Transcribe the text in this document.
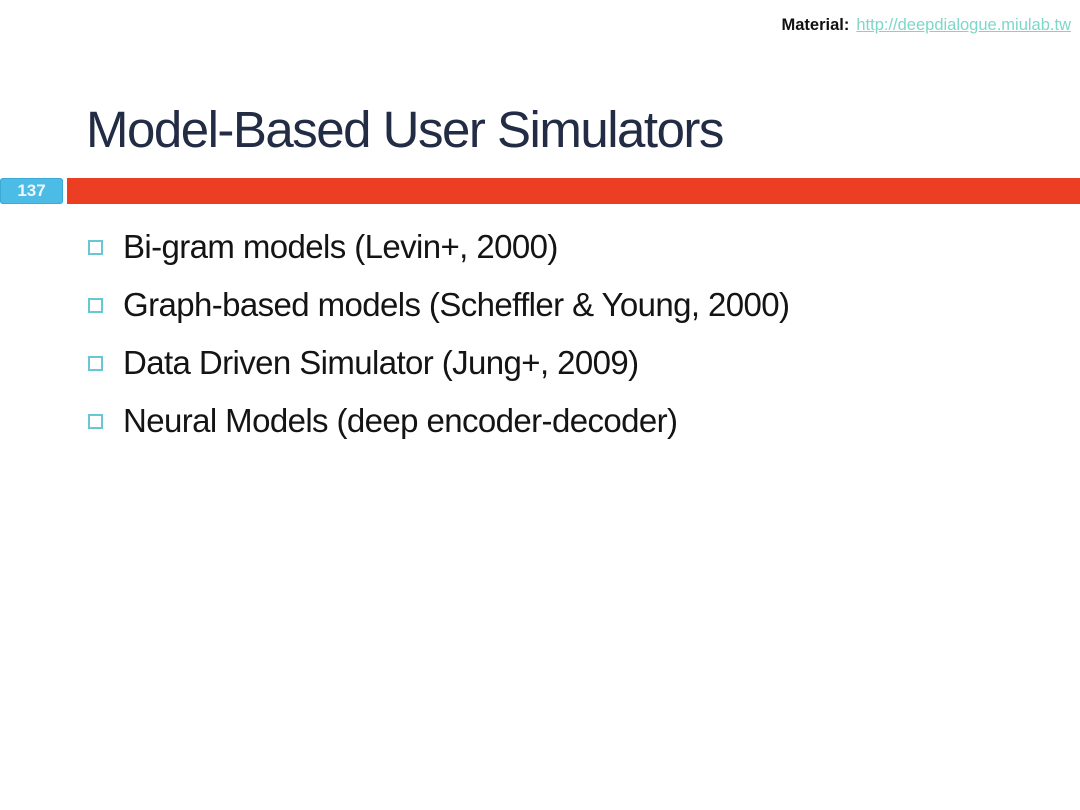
Material: http://deepdialogue.miulab.tw
Model-Based User Simulators
137
Bi-gram models (Levin+, 2000)
Graph-based models (Scheffler & Young, 2000)
Data Driven Simulator (Jung+, 2009)
Neural Models (deep encoder-decoder)
